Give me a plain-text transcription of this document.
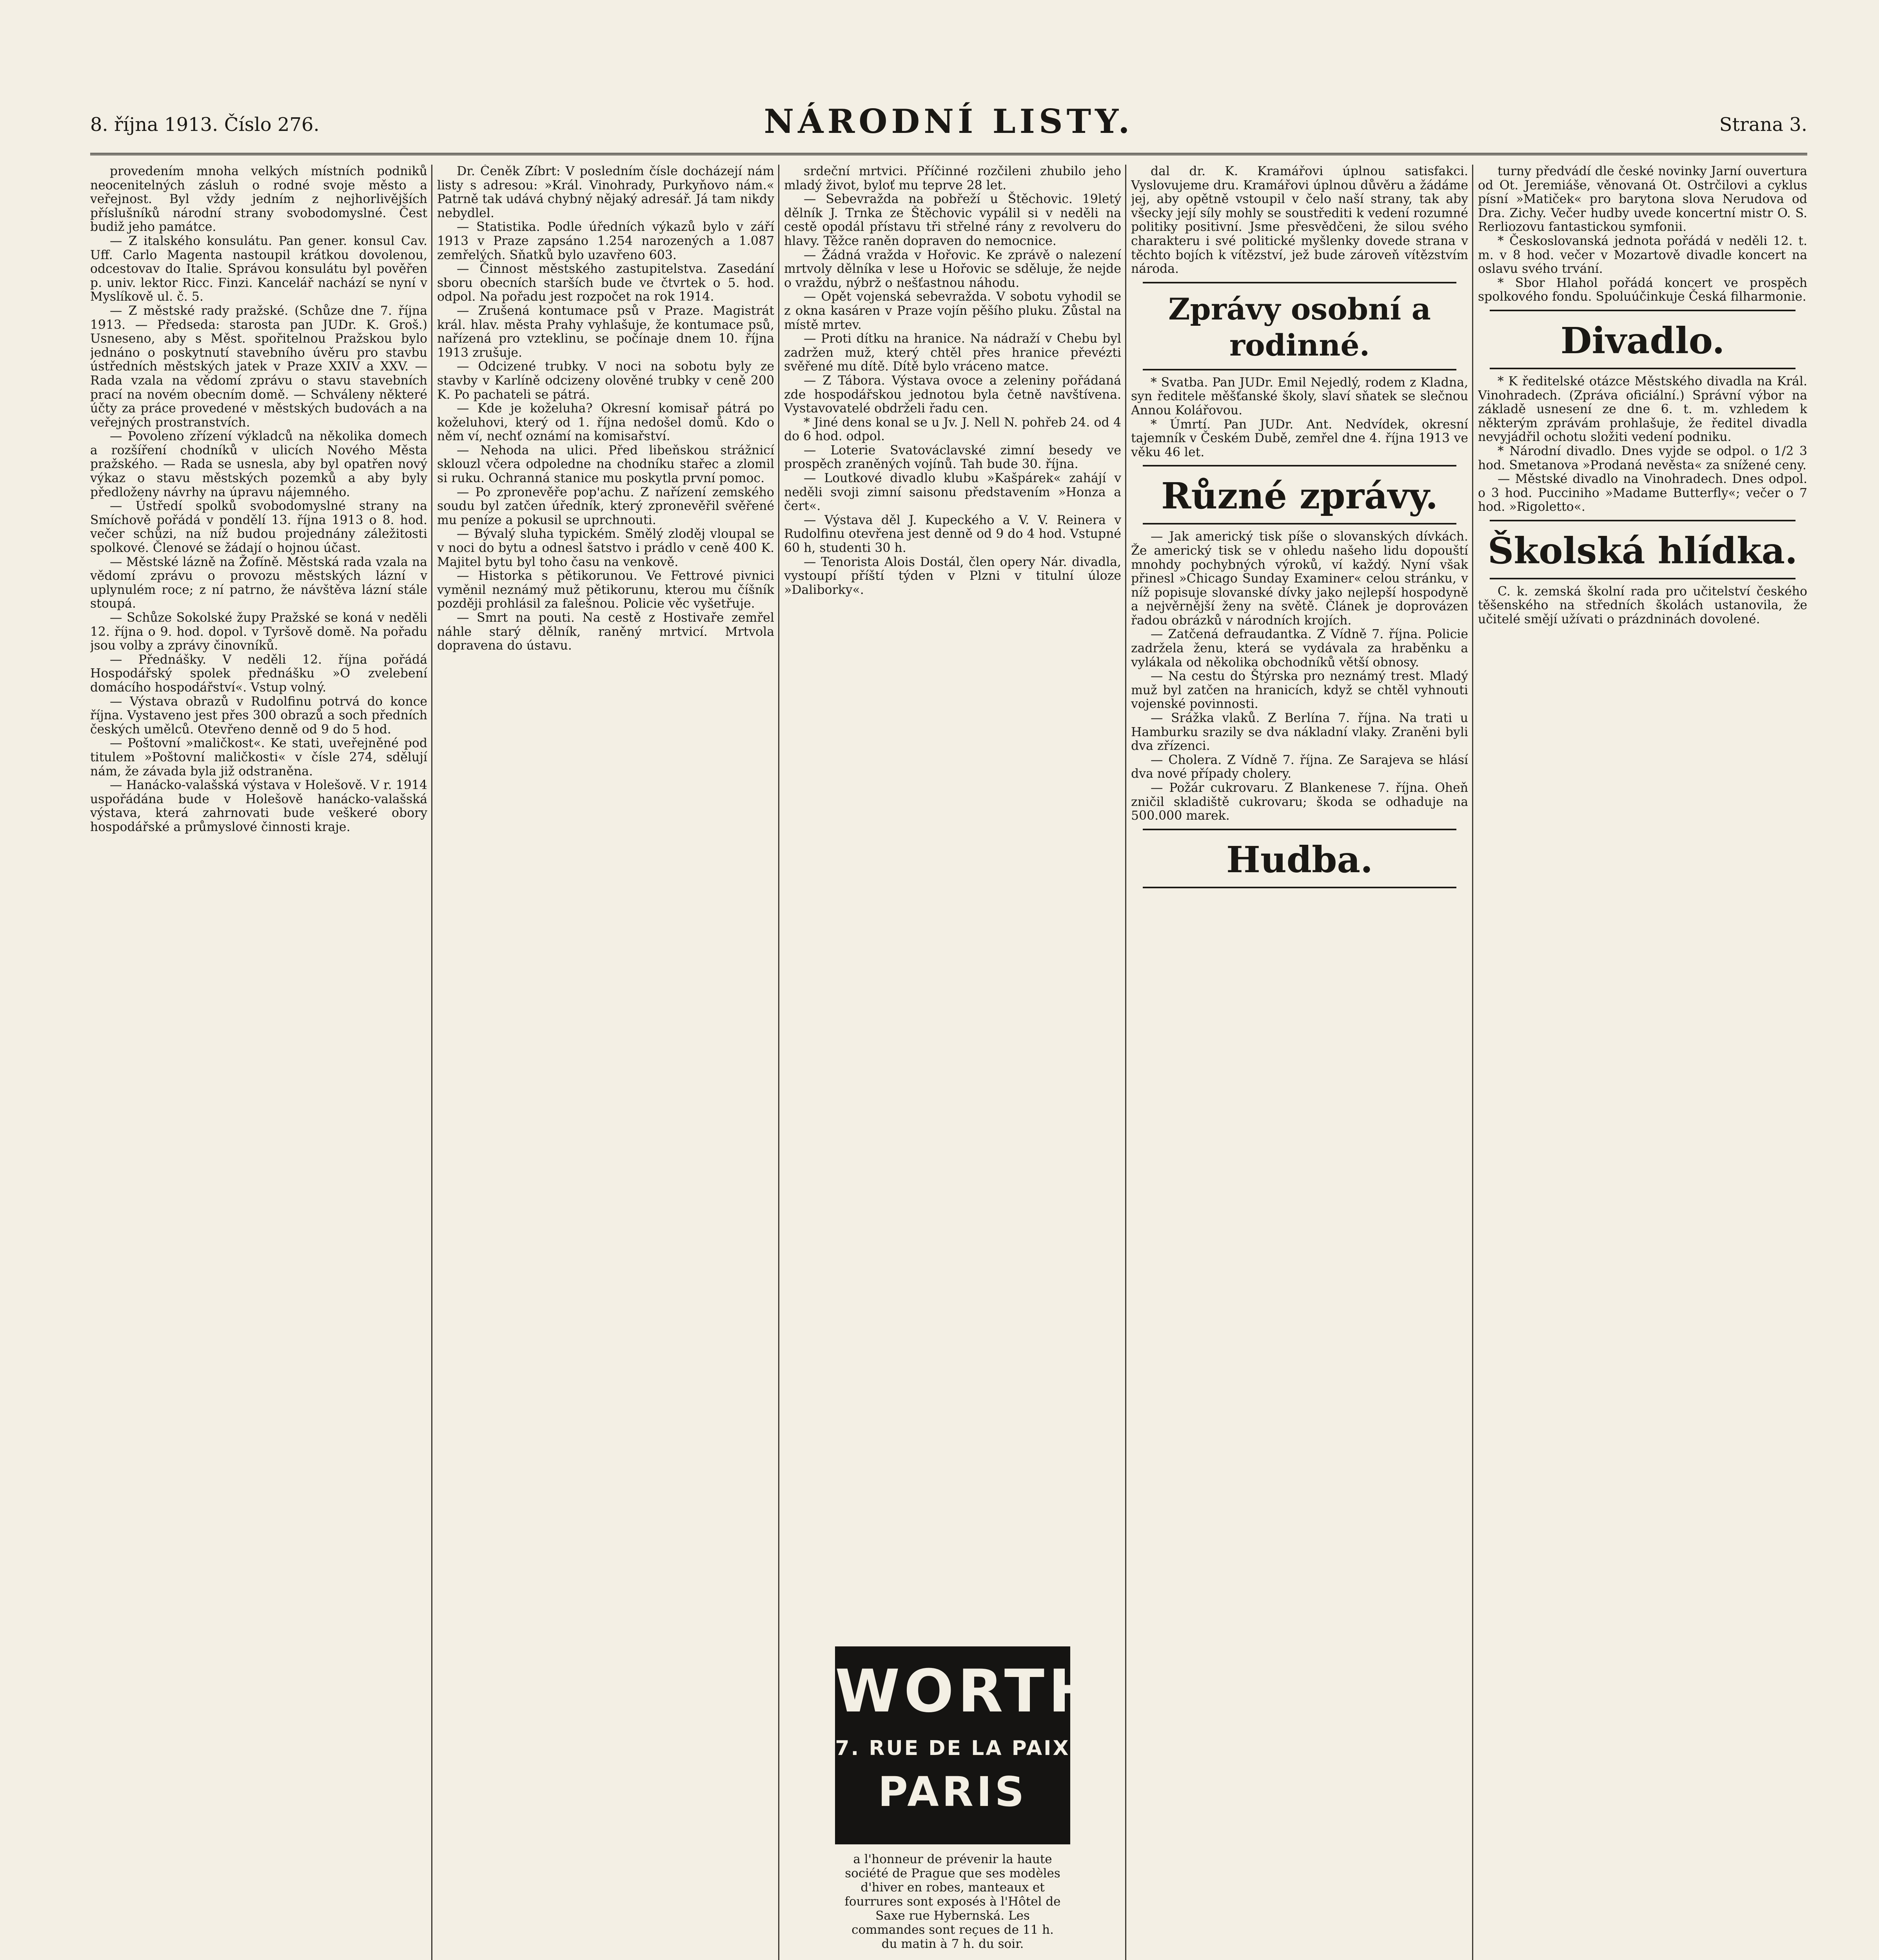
8. října 1913. Číslo 276.	NÁRODNÍ LISTY.	Strana 3.

provedením mnoha velkých místních podniků neocenitelných zásluh o rodné svoje město a veřejnost. Byl vždy jedním z nejhorlivějších příslušníků národní strany svobodomyslné. Čest budiž jeho památce.

— Z italského konsulátu. Pan gener. konsul Cav. Uff. Carlo Magenta nastoupil krátkou dovolenou, odcestovav do Italie. Správou konsulátu byl pověřen p. univ. lektor Ricc. Finzi. Kancelář nachází se nyní v Myslíkově ul. č. 5.

— Z městské rady pražské. (Schůze dne 7. října 1913. — Předseda: starosta pan JUDr. K. Groš.) Usneseno, aby s Měst. spořitelnou Pražskou bylo jednáno o poskytnutí stavebního úvěru pro stavbu ústředních městských jatek v Praze XXIV a XXV. — Rada vzala na vědomí zprávu o stavu stavebních prací na novém obecním domě. — Schváleny některé účty za práce provedené v městských budovách a na veřejných prostranstvích.

— Povoleno zřízení výkladců na několika domech a rozšíření chodníků v ulicích Nového Města pražského. — Rada se usnesla, aby byl opatřen nový výkaz o stavu městských pozemků a aby byly předloženy návrhy na úpravu nájemného.

— Ústředí spolků svobodomyslné strany na Smíchově pořádá v pondělí 13. října 1913 o 8. hod. večer schůzi, na níž budou projednány záležitosti spolkové. Členové se žádají o hojnou účast.

— Městské lázně na Žofíně. Městská rada vzala na vědomí zprávu o provozu městských lázní v uplynulém roce; z ní patrno, že návštěva lázní stále stoupá.

— Schůze Sokolské župy Pražské se koná v neděli 12. října o 9. hod. dopol. v Tyršově domě. Na pořadu jsou volby a zprávy činovníků.

— Přednášky. V neděli 12. října pořádá Hospodářský spolek přednášku »O zvelebení domácího hospodářství«. Vstup volný.

— Výstava obrazů v Rudolfinu potrvá do konce října. Vystaveno jest přes 300 obrazů a soch předních českých umělců. Otevřeno denně od 9 do 5 hod.

— Poštovní »maličkost«. Ke stati, uveřejněné pod titulem »Poštovní maličkosti« v čísle 274, sdělují nám, že závada byla již odstraněna.

— Hanácko-valašská výstava v Holešově. V r. 1914 uspořádána bude v Holešově hanácko-valašská výstava, která zahrnovati bude veškeré obory hospodářské a průmyslové činnosti kraje.

Dr. Čeněk Zíbrt: V posledním čísle docházejí nám listy s adresou: »Král. Vinohrady, Purkyňovo nám.« Patrně tak udává chybný nějaký adresář. Já tam nikdy nebydlel.

— Statistika. Podle úředních výkazů bylo v září 1913 v Praze zapsáno 1.254 narozených a 1.087 zemřelých. Sňatků bylo uzavřeno 603.

— Činnost městského zastupitelstva. Zasedání sboru obecních starších bude ve čtvrtek o 5. hod. odpol. Na pořadu jest rozpočet na rok 1914.

— Zrušená kontumace psů v Praze. Magistrát král. hlav. města Prahy vyhlašuje, že kontumace psů, nařízená pro vzteklinu, se počínaje dnem 10. října 1913 zrušuje.

— Odcizené trubky. V noci na sobotu byly ze stavby v Karlíně odcizeny olověné trubky v ceně 200 K. Po pachateli se pátrá.

— Kde je koželuha? Okresní komisař pátrá po koželuhovi, který od 1. října nedošel domů. Kdo o něm ví, nechť oznámí na komisařství.

— Nehoda na ulici. Před libeňskou strážnicí sklouzl včera odpoledne na chodníku stařec a zlomil si ruku. Ochranná stanice mu poskytla první pomoc.

— Po zpronevěře pop'achu. Z nařízení zemského soudu byl zatčen úředník, který zpronevěřil svěřené mu peníze a pokusil se uprchnouti.

— Bývalý sluha typickém. Smělý zloděj vloupal se v noci do bytu a odnesl šatstvo i prádlo v ceně 400 K. Majitel bytu byl toho času na venkově.

— Historka s pětikorunou. Ve Fettrové pivnici vyměnil neznámý muž pětikorunu, kterou mu číšník později prohlásil za falešnou. Policie věc vyšetřuje.

— Smrt na pouti. Na cestě z Hostivaře zemřel náhle starý dělník, raněný mrtvicí. Mrtvola dopravena do ústavu.

srdeční mrtvici. Příčinné rozčileni zhubilo jeho mladý život, byloť mu teprve 28 let.

— Sebevražda na pobřeží u Štěchovic. 19letý dělník J. Trnka ze Štěchovic vypálil si v neděli na cestě opodál přístavu tři střelné rány z revolveru do hlavy. Těžce raněn dopraven do nemocnice.

— Žádná vražda v Hořovic. Ke zprávě o nalezení mrtvoly dělníka v lese u Hořovic se sděluje, že nejde o vraždu, nýbrž o nešťastnou náhodu.

— Opět vojenská sebevražda. V sobotu vyhodil se z okna kasáren v Praze vojín pěšího pluku. Zůstal na místě mrtev.

— Proti dítku na hranice. Na nádraží v Chebu byl zadržen muž, který chtěl přes hranice převézti svěřené mu dítě. Dítě bylo vráceno matce.

— Z Tábora. Výstava ovoce a zeleniny pořádaná zde hospodářskou jednotou byla četně navštívena. Vystavovatelé obdrželi řadu cen.

* Jiné dens konal se u Jv. J. Nell N. pohřeb 24. od 4 do 6 hod. odpol.

— Loterie Svatováclavské zimní besedy ve prospěch zraněných vojínů. Tah bude 30. října.

— Loutkové divadlo klubu »Kašpárek« zahájí v neděli svoji zimní saisonu představením »Honza a čert«.

— Výstava děl J. Kupeckého a V. V. Reinera v Rudolfinu otevřena jest denně od 9 do 4 hod. Vstupné 60 h, studenti 30 h.

— Tenorista Alois Dostál, člen opery Nár. divadla, vystoupí příští týden v Plzni v titulní úloze »Daliborky«.

WORTH
7. RUE DE LA PAIX
PARIS
a l'honneur de prévenir la haute société de Prague que ses modèles d'hiver en robes, manteaux et fourrures sont exposés à l'Hôtel de Saxe rue Hybernská. Les commandes sont reçues de 11 h. du matin à 7 h. du soir.

dal dr. K. Kramářovi úplnou satisfakci. Vyslovujeme dru. Kramářovi úplnou důvěru a žádáme jej, aby opětně vstoupil v čelo naší strany, tak aby všecky její síly mohly se soustřediti k vedení rozumné politiky positivní. Jsme přesvědčeni, že silou svého charakteru i své politické myšlenky dovede strana v těchto bojích k vítězství, jež bude zároveň vítězstvím národa.

Zprávy osobní a rodinné.

* Svatba. Pan JUDr. Emil Nejedlý, rodem z Kladna, syn ředitele měšťanské školy, slaví sňatek se slečnou Annou Kolářovou.

* Úmrtí. Pan JUDr. Ant. Nedvídek, okresní tajemník v Českém Dubě, zemřel dne 4. října 1913 ve věku 46 let.

Různé zprávy.

— Jak americký tisk píše o slovanských dívkách. Že americký tisk se v ohledu našeho lidu dopouští mnohdy pochybných výroků, ví každý. Nyní však přinesl »Chicago Sunday Examiner« celou stránku, v níž popisuje slovanské dívky jako nejlepší hospodyně a nejvěrnější ženy na světě. Článek je doprovázen řadou obrázků v národních krojích.

— Zatčená defraudantka. Z Vídně 7. října. Policie zadržela ženu, která se vydávala za hraběnku a vylákala od několika obchodníků větší obnosy.

— Na cestu do Štýrska pro neznámý trest. Mladý muž byl zatčen na hranicích, když se chtěl vyhnouti vojenské povinnosti.

— Srážka vlaků. Z Berlína 7. října. Na trati u Hamburku srazily se dva nákladní vlaky. Zraněni byli dva zřízenci.

— Cholera. Z Vídně 7. října. Ze Sarajeva se hlásí dva nové případy cholery.

— Požár cukrovaru. Z Blankenese 7. října. Oheň zničil skladiště cukrovaru; škoda se odhaduje na 500.000 marek.

Hudba.

turny předvádí dle české novinky Jarní ouvertura od Ot. Jeremiáše, věnovaná Ot. Ostrčilovi a cyklus písní »Matiček« pro barytona slova Nerudova od Dra. Zichy. Večer hudby uvede koncertní mistr O. S. Rerliozovu fantastickou symfonii.

* Českoslovanská jednota pořádá v neděli 12. t. m. v 8 hod. večer v Mozartově divadle koncert na oslavu svého trvání.

* Sbor Hlahol pořádá koncert ve prospěch spolkového fondu. Spoluúčinkuje Česká filharmonie.

Divadlo.

* K ředitelské otázce Městského divadla na Král. Vinohradech. (Zpráva oficiální.) Správní výbor na základě usnesení ze dne 6. t. m. vzhledem k některým zprávám prohlašuje, že ředitel divadla nevyjádřil ochotu složiti vedení podniku.

* Národní divadlo. Dnes vyjde se odpol. o 1/2 3 hod. Smetanova »Prodaná nevěsta« za snížené ceny.

— Městské divadlo na Vinohradech. Dnes odpol. o 3 hod. Pucciniho »Madame Butterfly«; večer o 7 hod. »Rigoletto«.

Školská hlídka.

C. k. zemská školní rada pro učitelství českého těšenského na středních školách ustanovila, že učitelé smějí užívati o prázdninách dovolené.
